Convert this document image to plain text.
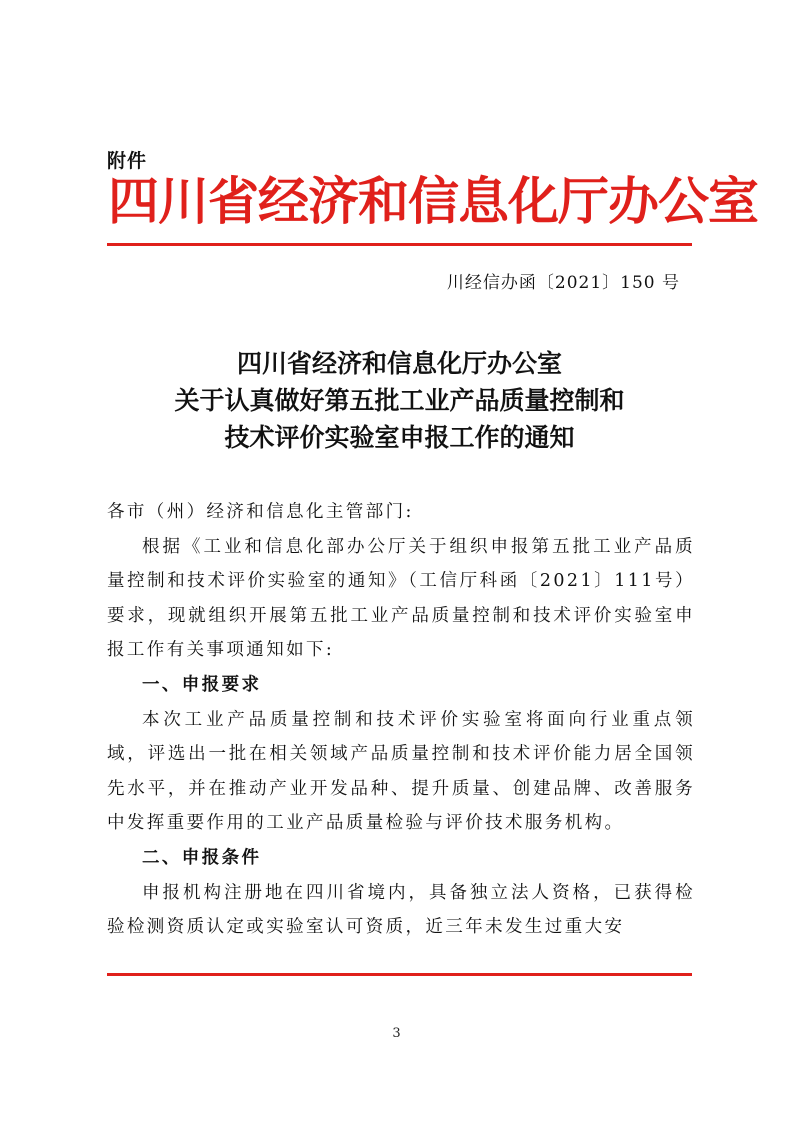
附件
四川省经济和信息化厅办公室
川经信办函〔2021〕150 号
四川省经济和信息化厅办公室
关于认真做好第五批工业产品质量控制和
技术评价实验室申报工作的通知

各市（州）经济和信息化主管部门:

根据《工业和信息化部办公厅关于组织申报第五批工业产品质量控制和技术评价实验室的通知》（工信厅科函〔2021〕111号）要求，现就组织开展第五批工业产品质量控制和技术评价实验室申报工作有关事项通知如下:

一、申报要求

本次工业产品质量控制和技术评价实验室将面向行业重点领域，评选出一批在相关领域产品质量控制和技术评价能力居全国领先水平，并在推动产业开发品种、提升质量、创建品牌、改善服务中发挥重要作用的工业产品质量检验与评价技术服务机构。

二、申报条件

申报机构注册地在四川省境内，具备独立法人资格，已获得检验检测资质认定或实验室认可资质，近三年未发生过重大安

3
